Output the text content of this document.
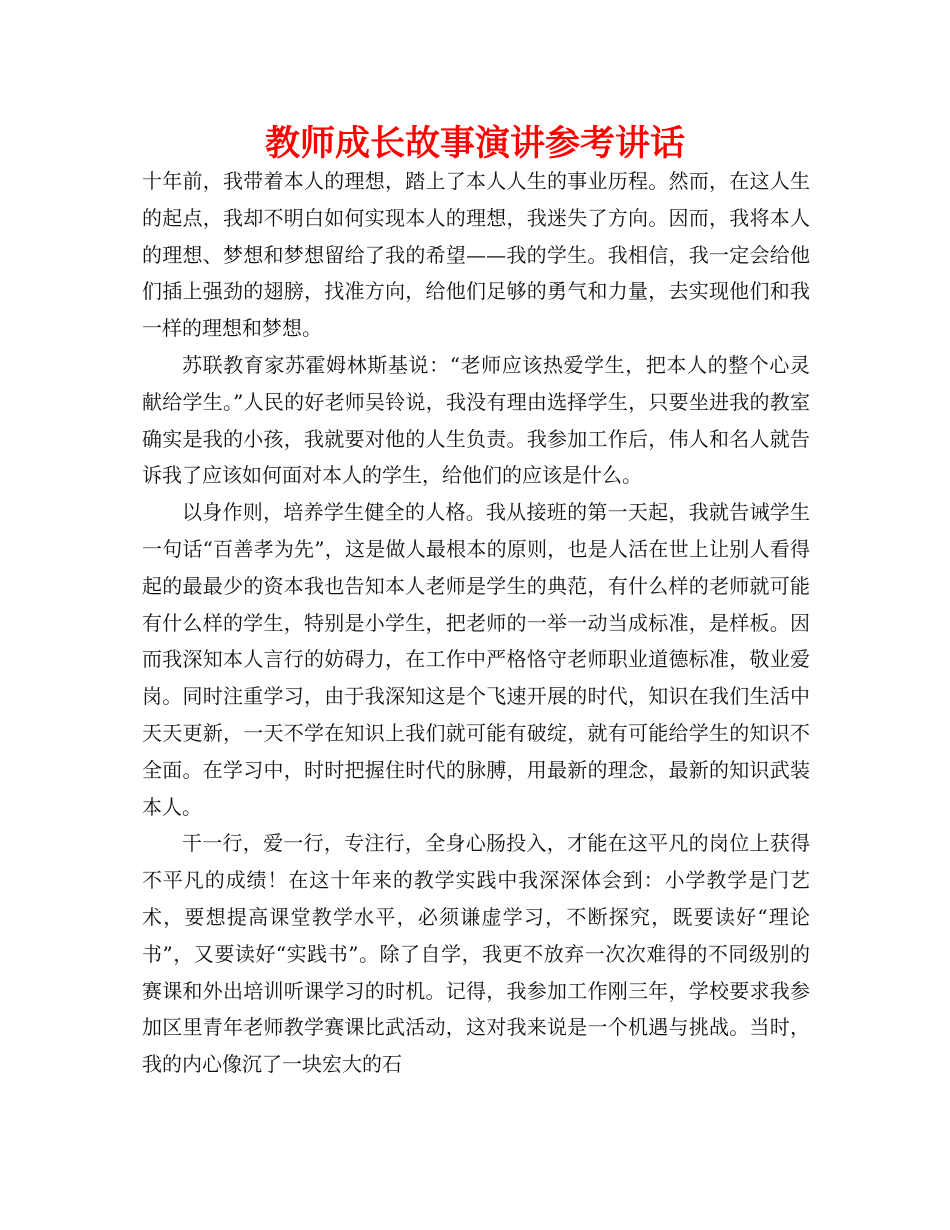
教师成长故事演讲参考讲话

十年前，我带着本人的理想，踏上了本人人生的事业历程。然而，在这人生的起点，我却不明白如何实现本人的理想，我迷失了方向。因而，我将本人的理想、梦想和梦想留给了我的希望——我的学生。我相信，我一定会给他们插上强劲的翅膀，找准方向，给他们足够的勇气和力量，去实现他们和我一样的理想和梦想。

苏联教育家苏霍姆林斯基说：“老师应该热爱学生，把本人的整个心灵献给学生。”人民的好老师吴铃说，我没有理由选择学生，只要坐进我的教室确实是我的小孩，我就要对他的人生负责。我参加工作后，伟人和名人就告诉我了应该如何面对本人的学生，给他们的应该是什么。

以身作则，培养学生健全的人格。我从接班的第一天起，我就告诫学生一句话“百善孝为先”，这是做人最根本的原则，也是人活在世上让别人看得起的最最少的资本我也告知本人老师是学生的典范，有什么样的老师就可能有什么样的学生，特别是小学生，把老师的一举一动当成标准，是样板。因而我深知本人言行的妨碍力，在工作中严格恪守老师职业道德标准，敬业爱岗。同时注重学习，由于我深知这是个飞速开展的时代，知识在我们生活中天天更新，一天不学在知识上我们就可能有破绽，就有可能给学生的知识不全面。在学习中，时时把握住时代的脉膊，用最新的理念，最新的知识武装本人。

干一行，爱一行，专注行，全身心肠投入，才能在这平凡的岗位上获得不平凡的成绩！在这十年来的教学实践中我深深体会到：小学教学是门艺术，要想提高课堂教学水平，必须谦虚学习，不断探究，既要读好“理论书”，又要读好“实践书”。除了自学，我更不放弃一次次难得的不同级别的赛课和外出培训听课学习的时机。记得，我参加工作刚三年，学校要求我参加区里青年老师教学赛课比武活动，这对我来说是一个机遇与挑战。当时，我的内心像沉了一块宏大的石
